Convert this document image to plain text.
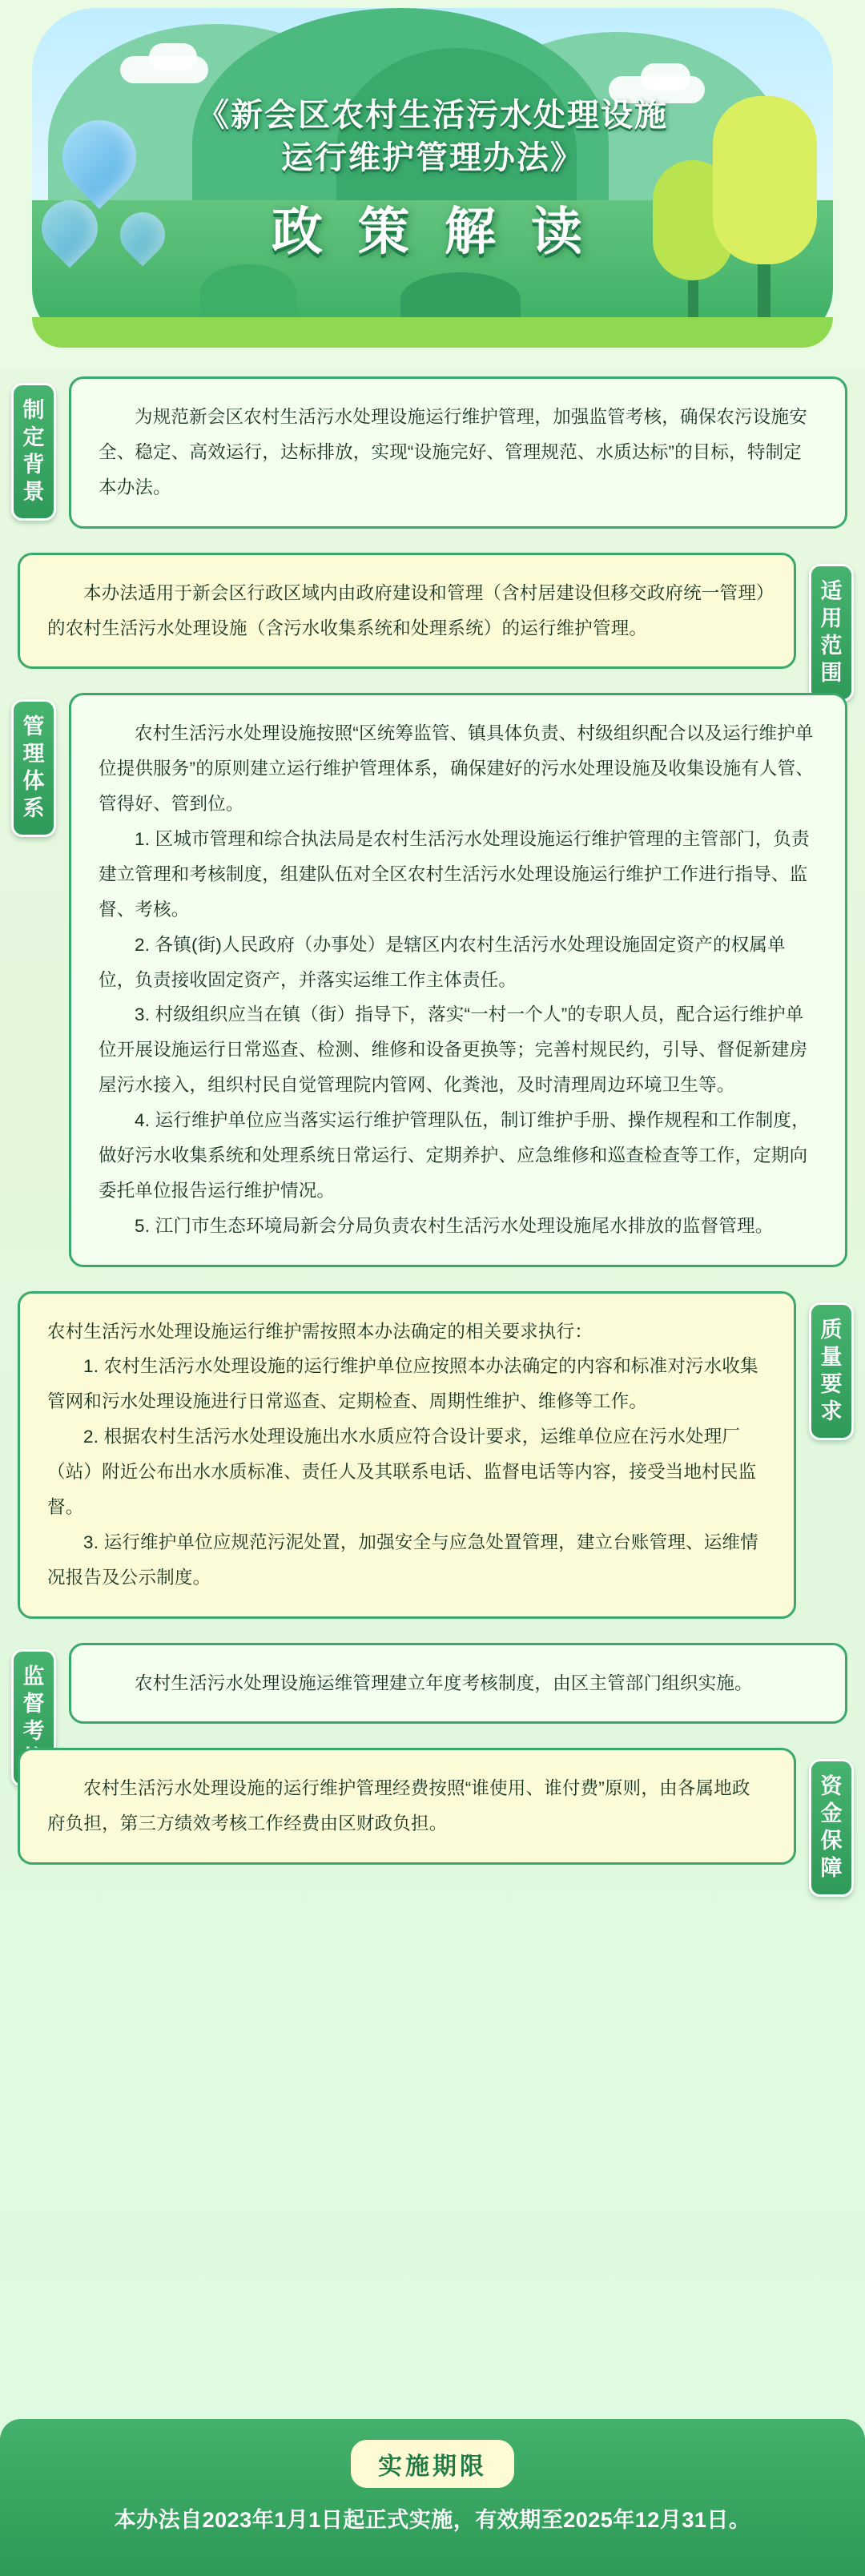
《新会区农村生活污水处理设施
运行维护管理办法》
政 策 解 读
制
定
背
景

为规范新会区农村生活污水处理设施运行维护管理，加强监管考核，确保农污设施安全、稳定、高效运行，达标排放，实现“设施完好、管理规范、水质达标”的目标，特制定本办法。

适
用
范
围

本办法适用于新会区行政区域内由政府建设和管理（含村居建设但移交政府统一管理）的农村生活污水处理设施（含污水收集系统和处理系统）的运行维护管理。

管
理
体
系

农村生活污水处理设施按照“区统筹监管、镇具体负责、村级组织配合以及运行维护单位提供服务”的原则建立运行维护管理体系，确保建好的污水处理设施及收集设施有人管、管得好、管到位。

1. 区城市管理和综合执法局是农村生活污水处理设施运行维护管理的主管部门，负责建立管理和考核制度，组建队伍对全区农村生活污水处理设施运行维护工作进行指导、监督、考核。

2. 各镇(街)人民政府（办事处）是辖区内农村生活污水处理设施固定资产的权属单位，负责接收固定资产，并落实运维工作主体责任。

3. 村级组织应当在镇（街）指导下，落实“一村一个人”的专职人员，配合运行维护单位开展设施运行日常巡查、检测、维修和设备更换等；完善村规民约，引导、督促新建房屋污水接入，组织村民自觉管理院内管网、化粪池，及时清理周边环境卫生等。

4. 运行维护单位应当落实运行维护管理队伍，制订维护手册、操作规程和工作制度，做好污水收集系统和处理系统日常运行、定期养护、应急维修和巡查检查等工作，定期向委托单位报告运行维护情况。

5. 江门市生态环境局新会分局负责农村生活污水处理设施尾水排放的监督管理。

质
量
要
求

农村生活污水处理设施运行维护需按照本办法确定的相关要求执行：

1. 农村生活污水处理设施的运行维护单位应按照本办法确定的内容和标准对污水收集管网和污水处理设施进行日常巡查、定期检查、周期性维护、维修等工作。

2. 根据农村生活污水处理设施出水水质应符合设计要求，运维单位应在污水处理厂（站）附近公布出水水质标准、责任人及其联系电话、监督电话等内容，接受当地村民监督。

3. 运行维护单位应规范污泥处置，加强安全与应急处置管理，建立台账管理、运维情况报告及公示制度。

监
督
考

农村生活污水处理设施运维管理建立年度考核制度，由区主管部门组织实施。

资
金
保
障

农村生活污水处理设施的运行维护管理经费按照“谁使用、谁付费”原则，由各属地政府负担，第三方绩效考核工作经费由区财政负担。

实施期限
本办法自2023年1月1日起正式实施，有效期至2025年12月31日。
